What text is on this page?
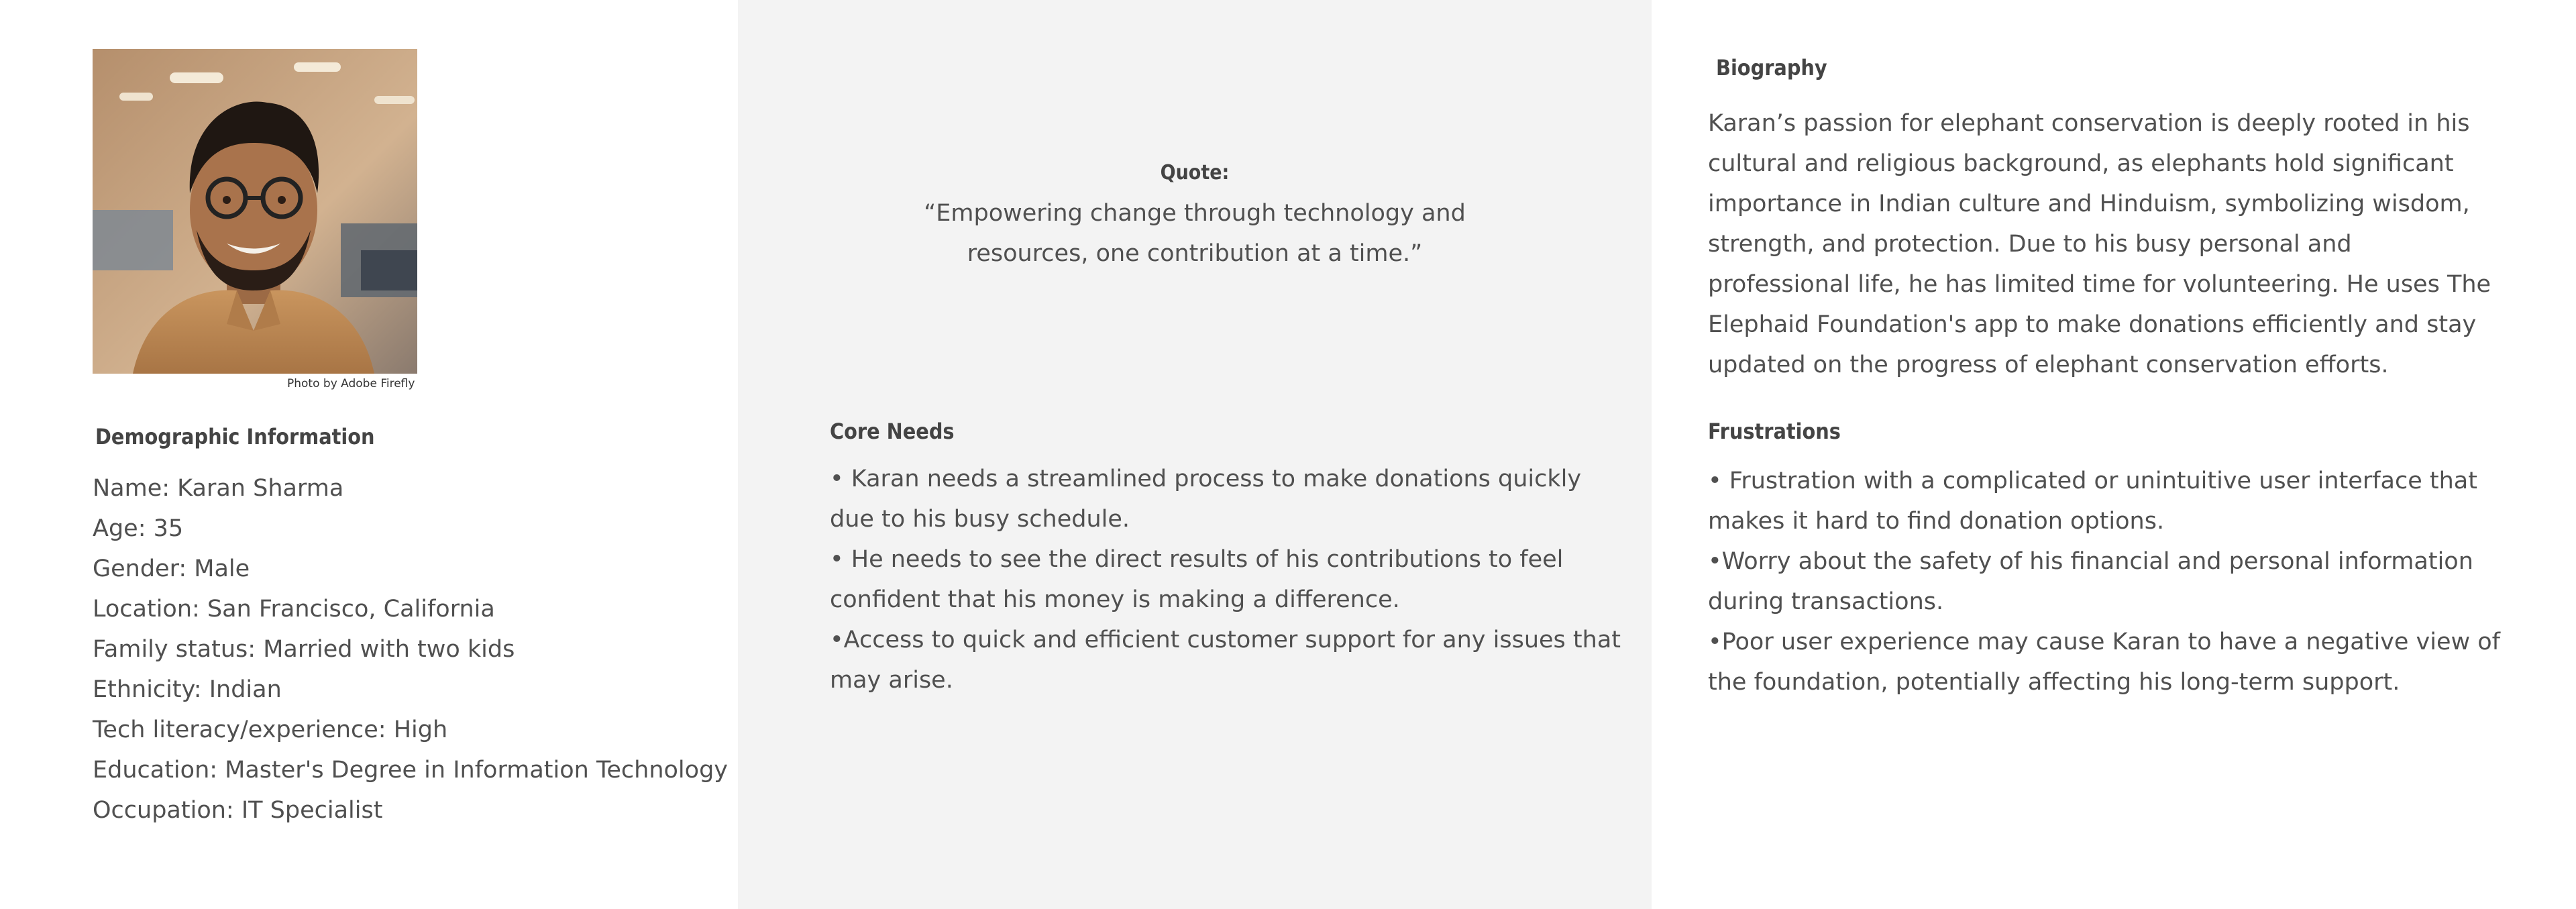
Photo by Adobe Firefly
Demographic Information
Name: Karan Sharma
Age: 35
Gender: Male
Location: San Francisco, California
Family status: Married with two kids
Ethnicity: Indian
Tech literacy/experience: High
Education: Master's Degree in Information Technology
Occupation: IT Specialist
Quote:
“Empowering change through technology and
resources, one contribution at a time.”
Core Needs
• Karan needs a streamlined process to make donations quickly
due to his busy schedule.
• He needs to see the direct results of his contributions to feel
confident that his money is making a difference.
•Access to quick and efficient customer support for any issues that
may arise.
Biography
Karan’s passion for elephant conservation is deeply rooted in his
cultural and religious background, as elephants hold significant
importance in Indian culture and Hinduism, symbolizing wisdom,
strength, and protection. Due to his busy personal and
professional life, he has limited time for volunteering. He uses The
Elephaid Foundation's app to make donations efficiently and stay
updated on the progress of elephant conservation efforts.
Frustrations
• Frustration with a complicated or unintuitive user interface that
makes it hard to find donation options.
•Worry about the safety of his financial and personal information
during transactions.
•Poor user experience may cause Karan to have a negative view of
the foundation, potentially affecting his long-term support.
